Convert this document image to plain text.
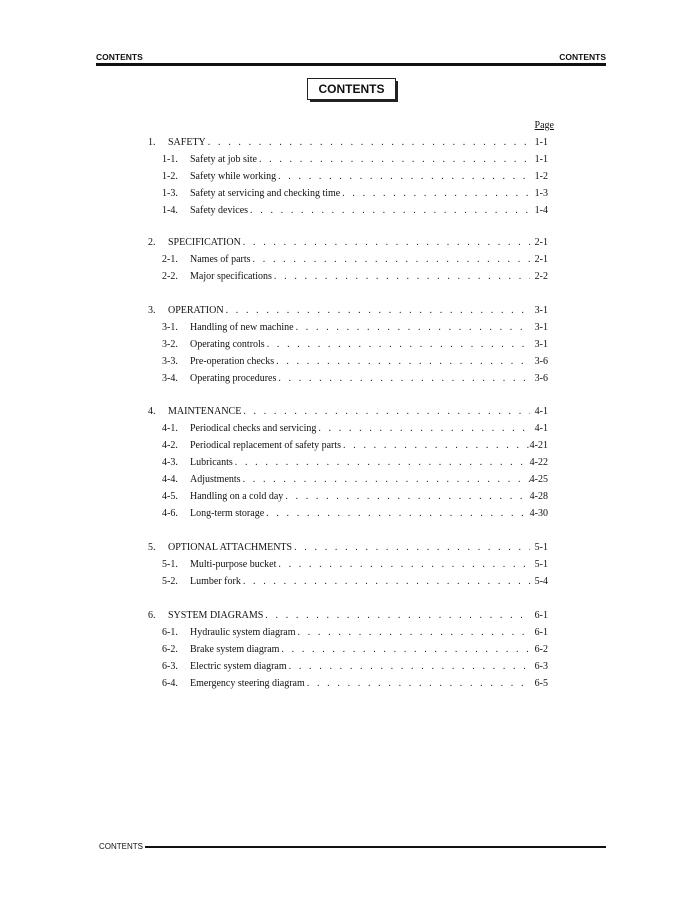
CONTENTS	CONTENTS
CONTENTS
Page
1.	SAFETY . . .	1-1
1-1.	Safety at job site . . .	1-1
1-2.	Safety while working . . .	1-2
1-3.	Safety at servicing and checking time . . .	1-3
1-4.	Safety devices . . .	1-4
2.	SPECIFICATION . . .	2-1
2-1.	Names of parts . . .	2-1
2-2.	Major specifications . . .	2-2
3.	OPERATION . . .	3-1
3-1.	Handling of new machine . . .	3-1
3-2.	Operating controls . . .	3-1
3-3.	Pre-operation checks . . .	3-6
3-4.	Operating procedures . . .	3-6
4.	MAINTENANCE . . .	4-1
4-1.	Periodical checks and servicing . . .	4-1
4-2.	Periodical replacement of safety parts . . .	4-21
4-3.	Lubricants . . .	4-22
4-4.	Adjustments . . .	4-25
4-5.	Handling on a cold day . . .	4-28
4-6.	Long-term storage . . .	4-30
5.	OPTIONAL ATTACHMENTS . . .	5-1
5-1.	Multi-purpose bucket . . .	5-1
5-2.	Lumber fork . . .	5-4
6.	SYSTEM DIAGRAMS . . .	6-1
6-1.	Hydraulic system diagram . . .	6-1
6-2.	Brake system diagram . . .	6-2
6-3.	Electric system diagram . . .	6-3
6-4.	Emergency steering diagram . . .	6-5
CONTENTS
